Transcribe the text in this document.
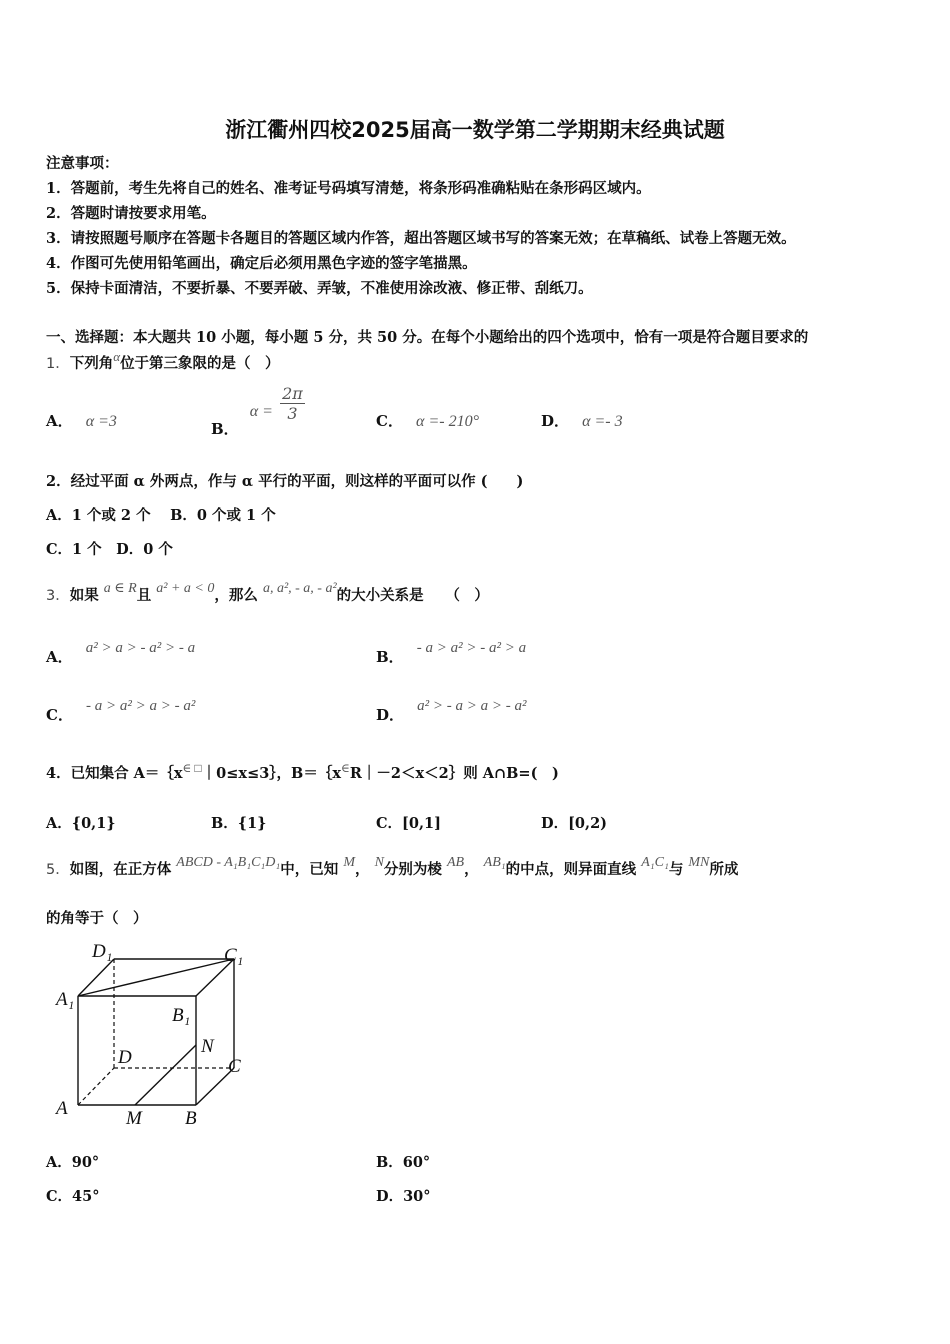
浙江衢州四校2025届高一数学第二学期期末经典试题
注意事项：
1．答题前，考生先将自己的姓名、准考证号码填写清楚，将条形码准确粘贴在条形码区域内。
2．答题时请按要求用笔。
3．请按照题号顺序在答题卡各题目的答题区域内作答，超出答题区域书写的答案无效；在草稿纸、试卷上答题无效。
4．作图可先使用铅笔画出，确定后必须用黑色字迹的签字笔描黑。
5．保持卡面清洁，不要折暴、不要弄破、弄皱，不准使用涂改液、修正带、刮纸刀。
一、选择题：本大题共 10 小题，每小题 5 分，共 50 分。在每个小题给出的四个选项中，恰有一项是符合题目要求的
1．下列角α位于第三象限的是（　）
A． α =3	B． $\alpha = \frac{2\pi}{3}$	C． α =- 210°	D． α =- 3
2．经过平面 α 外两点，作与 α 平行的平面，则这样的平面可以作 (　　)
A．1 个或 2 个　 B．0 个或 1 个
C．1 个　D．0 个
3．如果 a ∈ R且 a² + a < 0，那么 a, a², - a, - a²的大小关系是　　（　）
A． a² > a > - a² > - a	B． - a > a² > - a² > a
C． - a > a² > a > - a²	D． a² > - a > a > - a²
4．已知集合 A＝｛x∈ □｜0≤x≤3｝，B＝｛x∈R｜－2＜x＜2｝则 A∩B=(　)
A．{0,1}	B．{1}	C．[0,1]	D．[0,2)
5．如图，在正方体 ABCD - A₁B₁C₁D₁中，已知 M， N分别为棱 AB， AB₁的中点，则异面直线 A₁C₁与 MN所成
的角等于（　）
D₁	C₁
A₁
B₁
N
D	C
A	M B
A．90°	B．60°
C．45°	D．30°
